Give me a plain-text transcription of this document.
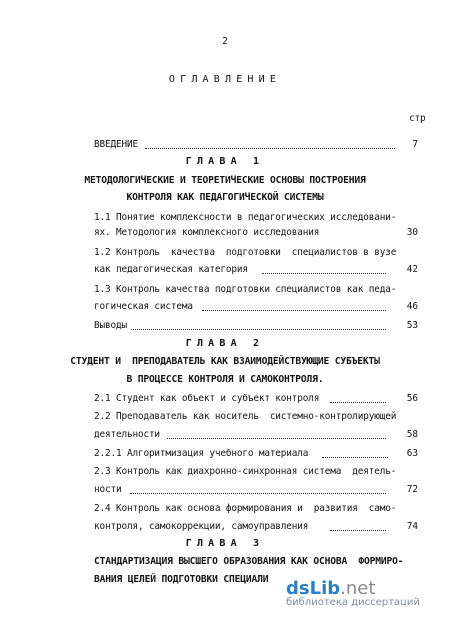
2
ОГЛАВЛЕНИЕ
стр
ВВЕДЕНИЕ	7
ГЛАВА 1
МЕТОДОЛОГИЧЕСКИЕ И ТЕОРЕТИЧЕСКИЕ ОСНОВЫ ПОСТРОЕНИЯ
КОНТРОЛЯ КАК ПЕДАГОГИЧЕСКОЙ СИСТЕМЫ
1.1 Понятие комплексности в педагогических исследовани-
ях. Методология комплексного исследования	30
1.2 Контроль  качества  подготовки  специалистов в вузе
как педагогическая категория	42
1.3 Контроль качества подготовки специалистов как педа-
гогическая система	46
Выводы	53
ГЛАВА 2
СТУДЕНТ И  ПРЕПОДАВАТЕЛЬ КАК ВЗАИМОДЕЙСТВУЮЩИЕ СУБЪЕКТЫ
В ПРОЦЕССЕ КОНТРОЛЯ И САМОКОНТРОЛЯ.
2.1 Студент как объект и субъект контроля	56
2.2 Преподаватель как носитель  системно-контролирующей
деятельности	58
2.2.1 Алгоритмизация учебного материала	63
2.3 Контроль как диахронно-синхронная система  деятель-
ности	72
2.4 Контроль как основа формирования и  развития  само-
контроля, самокоррекции, самоуправления	74
ГЛАВА 3
СТАНДАРТИЗАЦИЯ ВЫСШЕГО ОБРАЗОВАНИЯ КАК ОСНОВА  ФОРМИРО-
ВАНИЯ ЦЕЛЕЙ ПОДГОТОВКИ СПЕЦИАЛИ dsLib.net
библиотека диссертаций
